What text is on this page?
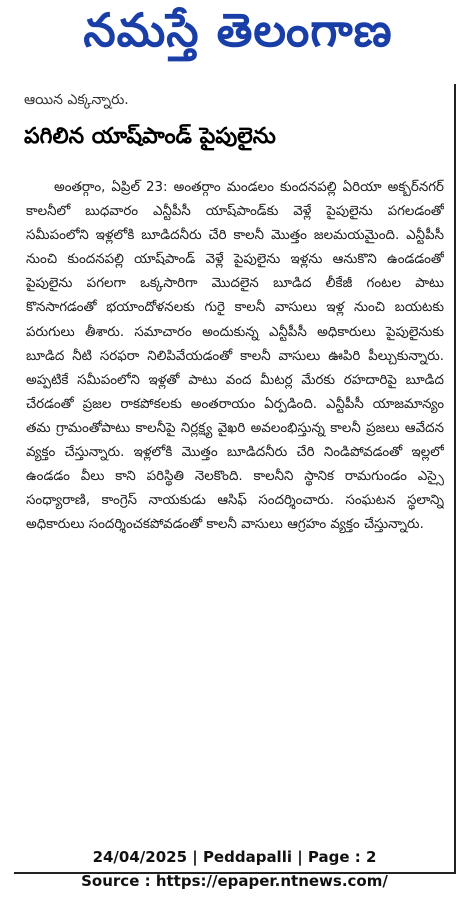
నమస్తే తెలంగాణ
ఆయిన ఎక్కన్నారు.
పగిలిన యాష్‌పాండ్ పైపులైను
అంతర్గాం, ఏప్రిల్ 23: అంతర్గాం మండలం కుందనపల్లి ఏరియా అక్బర్‌నగర్ కాలనీలో బుధవారం ఎన్టీపీసీ యాష్‌పాండ్‌కు వెళ్లే పైపులైను పగలడంతో సమీపంలోని ఇళ్లలోకి బూడిదనీరు చేరి కాలనీ మొత్తం జలమయమైంది. ఎన్టీపీసీ నుంచి కుందనపల్లి యాష్‌పాండ్ వెళ్లే పైపులైను ఇళ్లను ఆనుకొని ఉండడంతో పైపులైను పగలగా ఒక్కసారిగా మొదలైన బూడిద లీకేజీ గంటల పాటు కొనసాగడంతో భయాందోళనలకు గురై కాలనీ వాసులు ఇళ్ల నుంచి బయటకు పరుగులు తీశారు. సమాచారం అందుకున్న ఎన్టీపీసీ అధికారులు పైపులైనుకు బూడిద నీటి సరఫరా నిలిపివేయడంతో కాలనీ వాసులు ఊపిరి పీల్చుకున్నారు. అప్పటికే సమీపంలోని ఇళ్లతో పాటు వంద మీటర్ల మేరకు రహదారిపై బూడిద చేరడంతో ప్రజల రాకపోకలకు అంతరాయం ఏర్పడింది. ఎన్టీపీసీ యాజమాన్యం తమ గ్రామంతోపాటు కాలనీపై నిర్లక్ష్య వైఖరి అవలంభిస్తున్న కాలనీ ప్రజలు ఆవేదన వ్యక్తం చేస్తున్నారు. ఇళ్లలోకి మొత్తం బూడిదనీరు చేరి నిండిపోవడంతో ఇల్లలో ఉండడం వీలు కాని పరిస్థితి నెలకొంది. కాలనీని స్థానిక రామగుండం ఎస్సై సంధ్యారాణి, కాంగ్రెస్ నాయకుడు ఆసిఫ్ సందర్శించారు. సంఘటన స్థలాన్ని అధికారులు సందర్శించకపోవడంతో కాలనీ వాసులు ఆగ్రహం వ్యక్తం చేస్తున్నారు.
24/04/2025 | Peddapalli | Page : 2
Source : https://epaper.ntnews.com/
